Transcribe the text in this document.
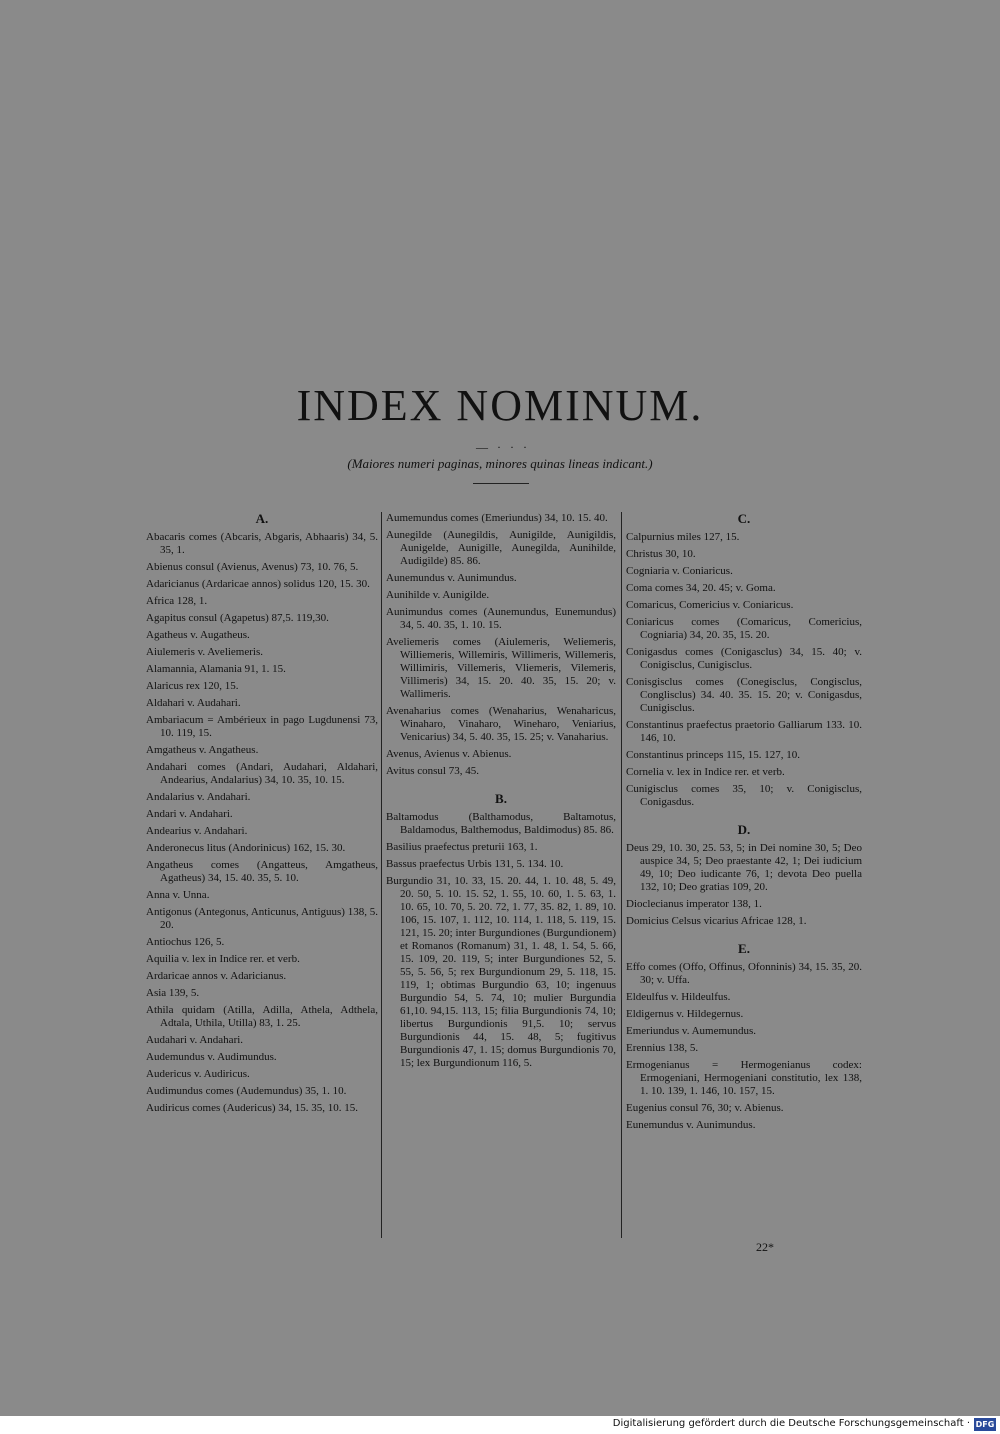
INDEX NOMINUM.
— · · ·
(Maiores numeri paginas, minores quinas lineas indicant.)
A.
Abacaris comes (Abcaris, Abgaris, Abhaaris) 34, 5. 35, 1.
Abienus consul (Avienus, Avenus) 73, 10. 76, 5.
Adaricianus (Ardaricae annos) solidus 120, 15. 30.
Africa 128, 1.
Agapitus consul (Agapetus) 87,5. 119,30.
Agatheus v. Augatheus.
Aiulemeris v. Aveliemeris.
Alamannia, Alamania 91, 1. 15.
Alaricus rex 120, 15.
Aldahari v. Audahari.
Ambariacum = Ambérieux in pago Lugdunensi 73, 10. 119, 15.
Amgatheus v. Angatheus.
Andahari comes (Andari, Audahari, Aldahari, Andearius, Andalarius) 34, 10. 35, 10. 15.
Andalarius v. Andahari.
Andari v. Andahari.
Andearius v. Andahari.
Anderonecus litus (Andorinicus) 162, 15. 30.
Angatheus comes (Angatteus, Amgatheus, Agatheus) 34, 15. 40. 35, 5. 10.
Anna v. Unna.
Antigonus (Antegonus, Anticunus, Antiguus) 138, 5. 20.
Antiochus 126, 5.
Aquilia v. lex in Indice rer. et verb.
Ardaricae annos v. Adaricianus.
Asia 139, 5.
Athila quidam (Atilla, Adilla, Athela, Adthela, Adtala, Uthila, Utilla) 83, 1. 25.
Audahari v. Andahari.
Audemundus v. Audimundus.
Audericus v. Audiricus.
Audimundus comes (Audemundus) 35, 1. 10.
Audiricus comes (Audericus) 34, 15. 35, 10. 15.
Aumemundus comes (Emeriundus) 34, 10. 15. 40.
Aunegilde (Aunegildis, Aunigilde, Aunigildis, Aunigelde, Aunigille, Aunegilda, Aunihilde, Audigilde) 85. 86.
Aunemundus v. Aunimundus.
Aunihilde v. Aunigilde.
Aunimundus comes (Aunemundus, Eunemundus) 34, 5. 40. 35, 1. 10. 15.
Aveliemeris comes (Aiulemeris, Weliemeris, Williemeris, Willemiris, Willimeris, Willemeris, Willimiris, Villemeris, Vliemeris, Vilemeris, Villimeris) 34, 15. 20. 40. 35, 15. 20; v. Wallimeris.
Avenaharius comes (Wenaharius, Wenaharicus, Winaharo, Vinaharo, Wineharo, Veniarius, Venicarius) 34, 5. 40. 35, 15. 25; v. Vanaharius.
Avenus, Avienus v. Abienus.
Avitus consul 73, 45.
B.
Baltamodus (Balthamodus, Baltamotus, Baldamodus, Balthemodus, Baldimodus) 85. 86.
Basilius praefectus preturii 163, 1.
Bassus praefectus Urbis 131, 5. 134. 10.
Burgundio 31, 10. 33, 15. 20. 44, 1. 10. 48, 5. 49, 20. 50, 5. 10. 15. 52, 1. 55, 10. 60, 1. 5. 63, 1. 10. 65, 10. 70, 5. 20. 72, 1. 77, 35. 82, 1. 89, 10. 106, 15. 107, 1. 112, 10. 114, 1. 118, 5. 119, 15. 121, 15. 20; inter Burgundiones (Burgundionem) et Romanos (Romanum) 31, 1. 48, 1. 54, 5. 66, 15. 109, 20. 119, 5; inter Burgundiones 52, 5. 55, 5. 56, 5; rex Burgundionum 29, 5. 118, 15. 119, 1; obtimas Burgundio 63, 10; ingenuus Burgundio 54, 5. 74, 10; mulier Burgundia 61,10. 94,15. 113, 15; filia Burgundionis 74, 10; libertus Burgundionis 91,5. 10; servus Burgundionis 44, 15. 48, 5; fugitivus Burgundionis 47, 1. 15; domus Burgundionis 70, 15; lex Burgundionum 116, 5.
C.
Calpurnius miles 127, 15.
Christus 30, 10.
Cogniaria v. Coniaricus.
Coma comes 34, 20. 45; v. Goma.
Comaricus, Comericius v. Coniaricus.
Coniaricus comes (Comaricus, Comericius, Cogniaria) 34, 20. 35, 15. 20.
Conigasdus comes (Conigasclus) 34, 15. 40; v. Conigisclus, Cunigisclus.
Conisgisclus comes (Conegisclus, Congisclus, Conglisclus) 34. 40. 35. 15. 20; v. Conigasdus, Cunigisclus.
Constantinus praefectus praetorio Galliarum 133. 10. 146, 10.
Constantinus princeps 115, 15. 127, 10.
Cornelia v. lex in Indice rer. et verb.
Cunigisclus comes 35, 10; v. Conigisclus, Conigasdus.
D.
Deus 29, 10. 30, 25. 53, 5; in Dei nomine 30, 5; Deo auspice 34, 5; Deo praestante 42, 1; Dei iudicium 49, 10; Deo iudicante 76, 1; devota Deo puella 132, 10; Deo gratias 109, 20.
Dioclecianus imperator 138, 1.
Domicius Celsus vicarius Africae 128, 1.
E.
Effo comes (Offo, Offinus, Ofonninis) 34, 15. 35, 20. 30; v. Uffa.
Eldeulfus v. Hildeulfus.
Eldigernus v. Hildegernus.
Emeriundus v. Aumemundus.
Erennius 138, 5.
Ermogenianus = Hermogenianus codex: Ermogeniani, Hermogeniani constitutio, lex 138, 1. 10. 139, 1. 146, 10. 157, 15.
Eugenius consul 76, 30; v. Abienus.
Eunemundus v. Aunimundus.
22*
Digitalisierung gefördert durch die Deutsche Forschungsgemeinschaft · DFG
